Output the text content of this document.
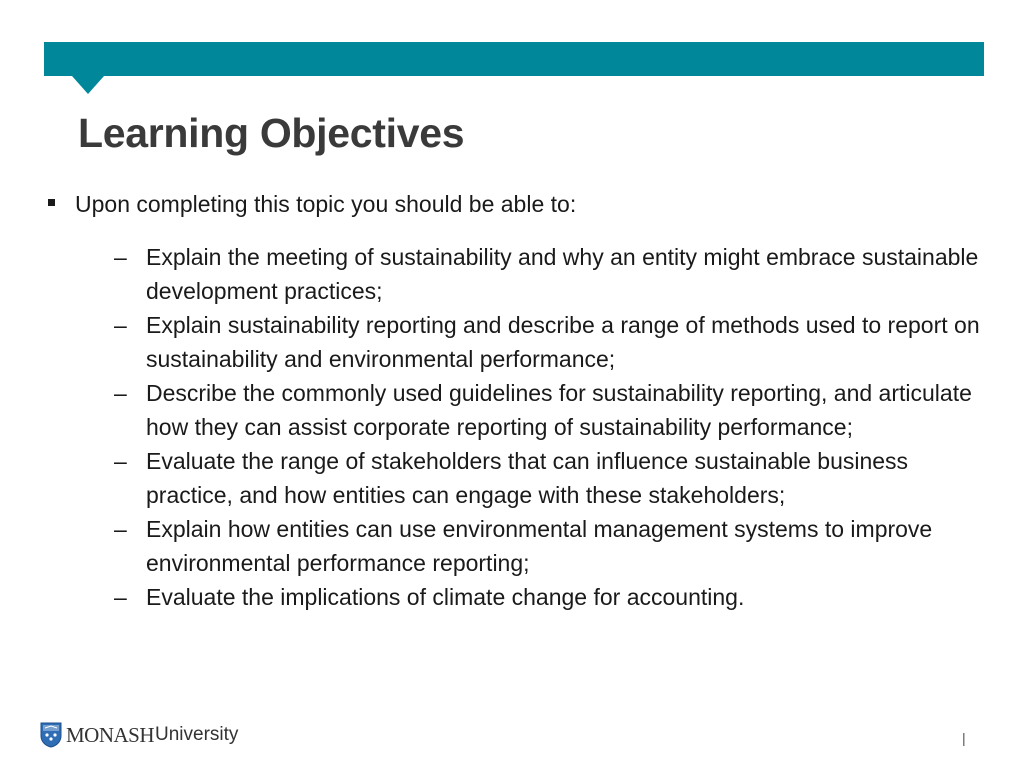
Learning Objectives
Upon completing this topic you should be able to:
– Explain the meeting of sustainability and why an entity might embrace sustainable development practices;
– Explain sustainability reporting and describe a range of methods used to report on sustainability and environmental performance;
– Describe the commonly used guidelines for sustainability reporting, and articulate how they can assist corporate reporting of sustainability performance;
– Evaluate the range of stakeholders that can influence sustainable business practice, and how entities can engage with these stakeholders;
– Explain how entities can use environmental management systems to improve environmental performance reporting;
– Evaluate the implications of climate change for accounting.
MONASH University	|
